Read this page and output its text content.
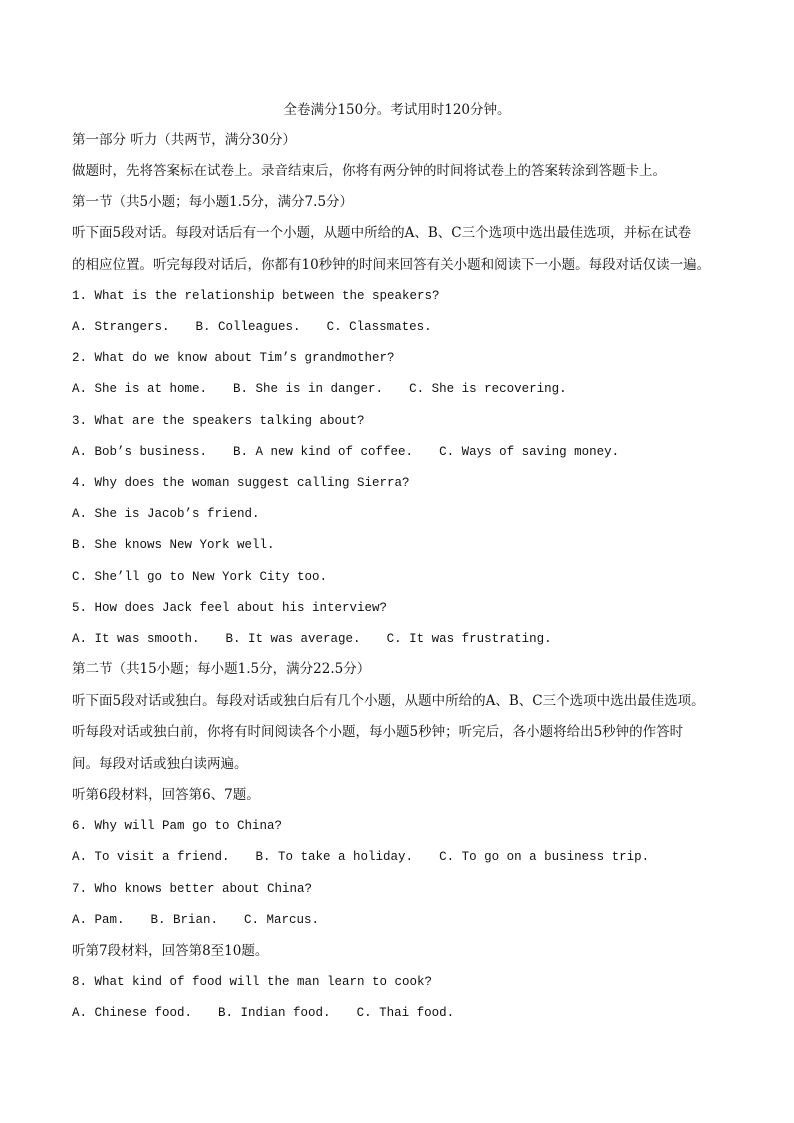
全卷满分150分。考试用时120分钟。
第一部分 听力（共两节，满分30分）
做题时，先将答案标在试卷上。录音结束后，你将有两分钟的时间将试卷上的答案转涂到答题卡上。
第一节（共5小题；每小题1.5分，满分7.5分）
听下面5段对话。每段对话后有一个小题，从题中所给的A、B、C三个选项中选出最佳选项，并标在试卷
的相应位置。听完每段对话后，你都有10秒钟的时间来回答有关小题和阅读下一小题。每段对话仅读一遍。
1. What is the relationship between the speakers?
A. Strangers. B. Colleagues. C. Classmates.
2. What do we know about Tim’s grandmother?
A. She is at home. B. She is in danger. C. She is recovering.
3. What are the speakers talking about?
A. Bob’s business. B. A new kind of coffee. C. Ways of saving money.
4. Why does the woman suggest calling Sierra?
A. She is Jacob’s friend.
B. She knows New York well.
C. She’ll go to New York City too.
5. How does Jack feel about his interview?
A. It was smooth. B. It was average. C. It was frustrating.
第二节（共15小题；每小题1.5分，满分22.5分）
听下面5段对话或独白。每段对话或独白后有几个小题，从题中所给的A、B、C三个选项中选出最佳选项。
听每段对话或独白前，你将有时间阅读各个小题，每小题5秒钟；听完后，各小题将给出5秒钟的作答时
间。每段对话或独白读两遍。
听第6段材料，回答第6、7题。
6. Why will Pam go to China?
A. To visit a friend. B. To take a holiday. C. To go on a business trip.
7. Who knows better about China?
A. Pam. B. Brian. C. Marcus.
听第7段材料，回答第8至10题。
8. What kind of food will the man learn to cook?
A. Chinese food. B. Indian food. C. Thai food.
